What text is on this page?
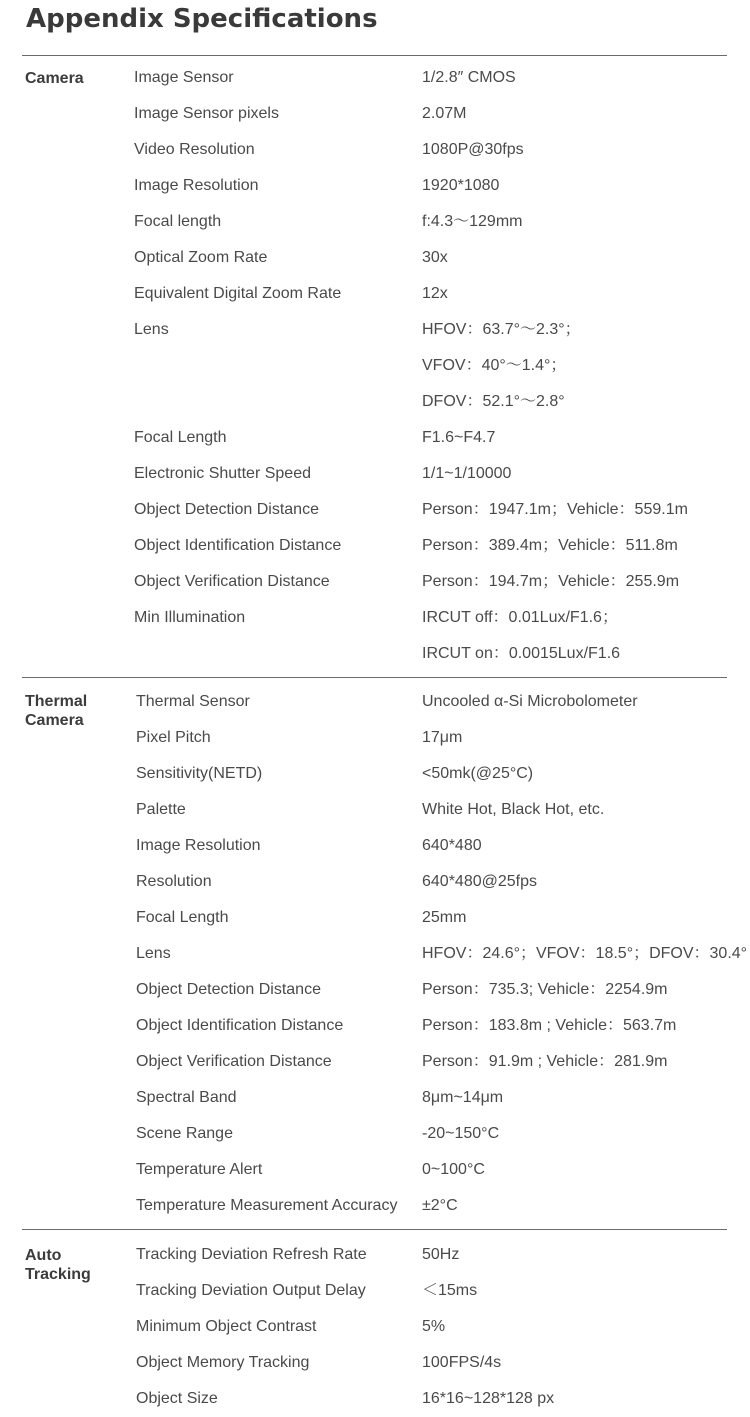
Appendix Specifications
Camera	Image Sensor	1/2.8″ CMOS
Image Sensor pixels	2.07M
Video Resolution	1080P@30fps
Image Resolution	1920*1080
Focal length	f:4.3〜129mm
Optical Zoom Rate	30x
Equivalent Digital Zoom Rate	12x
Lens	HFOV：63.7°〜2.3°；
VFOV：40°〜1.4°；
DFOV：52.1°〜2.8°
Focal Length	F1.6~F4.7
Electronic Shutter Speed	1/1~1/10000
Object Detection Distance	Person：1947.1m；Vehicle：559.1m
Object Identification Distance	Person：389.4m；Vehicle：511.8m
Object Verification Distance	Person：194.7m；Vehicle：255.9m
Min Illumination	IRCUT off：0.01Lux/F1.6；
IRCUT on：0.0015Lux/F1.6
Thermal Camera
Thermal Sensor	Uncooled α-Si Microbolometer
Pixel Pitch	17μm
Sensitivity(NETD)	<50mk(@25°C)
Palette	White Hot, Black Hot, etc.
Image Resolution	640*480
Resolution	640*480@25fps
Focal Length	25mm
Lens	HFOV：24.6°；VFOV：18.5°；DFOV：30.4°
Object Detection Distance	Person：735.3; Vehicle：2254.9m
Object Identification Distance	Person：183.8m ; Vehicle：563.7m
Object Verification Distance	Person：91.9m ; Vehicle：281.9m
Spectral Band	8μm~14μm
Scene Range	-20~150°C
Temperature Alert	0~100°C
Temperature Measurement Accuracy ±2°C
Auto Tracking
Tracking Deviation Refresh Rate	50Hz
Tracking Deviation Output Delay	＜15ms
Minimum Object Contrast	5%
Object Memory Tracking	100FPS/4s
Object Size	16*16~128*128 px
